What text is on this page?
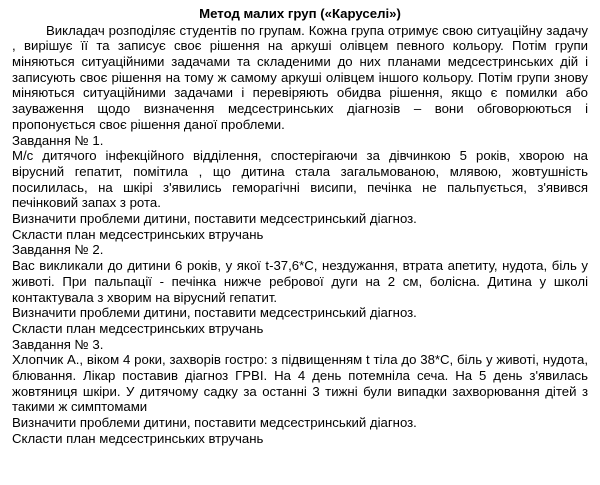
Метод малих груп («Каруселі»)

Викладач розподіляє студентів по групам. Кожна група отримує свою ситуаційну задачу , вирішує її та записує своє рішення на аркуші олівцем певного кольору. Потім групи міняються ситуаційними задачами та складеними до них планами медсестринських дій і записують своє рішення на тому ж самому аркуші олівцем іншого кольору. Потім групи знову міняються ситуаційними задачами і перевіряють обидва рішення, якщо є помилки або зауваження щодо визначення медсестринських діагнозів – вони обговорюються і пропонується своє рішення даної проблеми.

Завдання № 1.

М/с дитячого інфекційного відділення, спостерігаючи за дівчинкою 5 років, хворою на вірусний гепатит, помітила , що дитина стала загальмованою, млявою, жовтушність посилилась, на шкірі з'явились геморагічні висипи, печінка не пальпується, з'явився печінковий запах з рота.

Визначити проблеми дитини, поставити медсестринський діагноз.

Скласти план медсестринських втручань

Завдання № 2.

Вас викликали до дитини 6 років, у якої t-37,6*С, нездужання, втрата апетиту, нудота, біль у животі. При пальпації - печінка нижче ребрової дуги на 2 см, болісна. Дитина у школі контактувала з хворим на вірусний гепатит.

Визначити проблеми дитини, поставити медсестринський діагноз.

Скласти план медсестринських втручань

Завдання № 3.

Хлопчик А., віком 4 роки, захворів гостро: з підвищенням t тіла до 38*С, біль у животі, нудота, блювання. Лікар поставив діагноз ГРВІ. На 4 день потемніла сеча. На 5 день з'явилась жовтяниця шкіри. У дитячому садку за останні 3 тижні були випадки захворювання дітей з такими ж симптомами

Визначити проблеми дитини, поставити медсестринський діагноз.

Скласти план медсестринських втручань
